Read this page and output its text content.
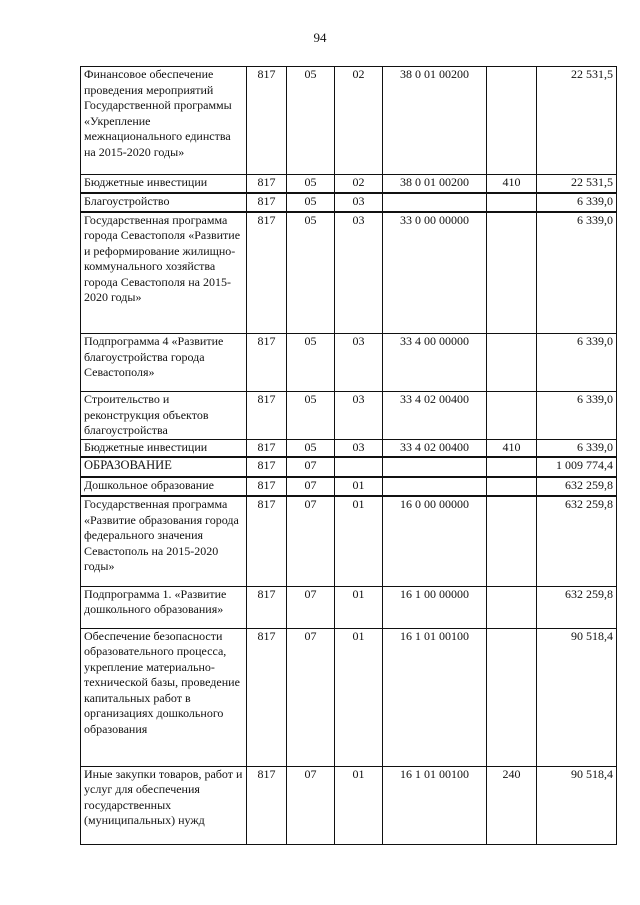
94
Финансовое обеспечение проведения мероприятий Государственной программы «Укрепление межнационального единства на 2015-2020 годы»	817	05	02	38 0 01 00200		22 531,5
Бюджетные инвестиции	817	05	02	38 0 01 00200	410	22 531,5
Благоустройство	817	05	03			6 339,0
Государственная программа города Севастополя «Развитие и реформирование жилищно-коммунального хозяйства города Севастополя на 2015-2020 годы»	817	05	03	33 0 00 00000		6 339,0
Подпрограмма 4 «Развитие благоустройства города Севастополя»	817	05	03	33 4 00 00000		6 339,0
Строительство и реконструкция объектов благоустройства	817	05	03	33 4 02 00400		6 339,0
Бюджетные инвестиции	817	05	03	33 4 02 00400	410	6 339,0
ОБРАЗОВАНИЕ	817	07				1 009 774,4
Дошкольное образование	817	07	01			632 259,8
Государственная программа «Развитие образования города федерального значения Севастополь на 2015-2020 годы»	817	07	01	16 0 00 00000		632 259,8
Подпрограмма 1. «Развитие дошкольного образования»	817	07	01	16 1 00 00000		632 259,8
Обеспечение безопасности образовательного процесса, укрепление материально-технической базы, проведение капитальных работ в организациях дошкольного образования	817	07	01	16 1 01 00100		90 518,4
Иные закупки товаров, работ и услуг для обеспечения государственных (муниципальных) нужд	817	07	01	16 1 01 00100	240	90 518,4
